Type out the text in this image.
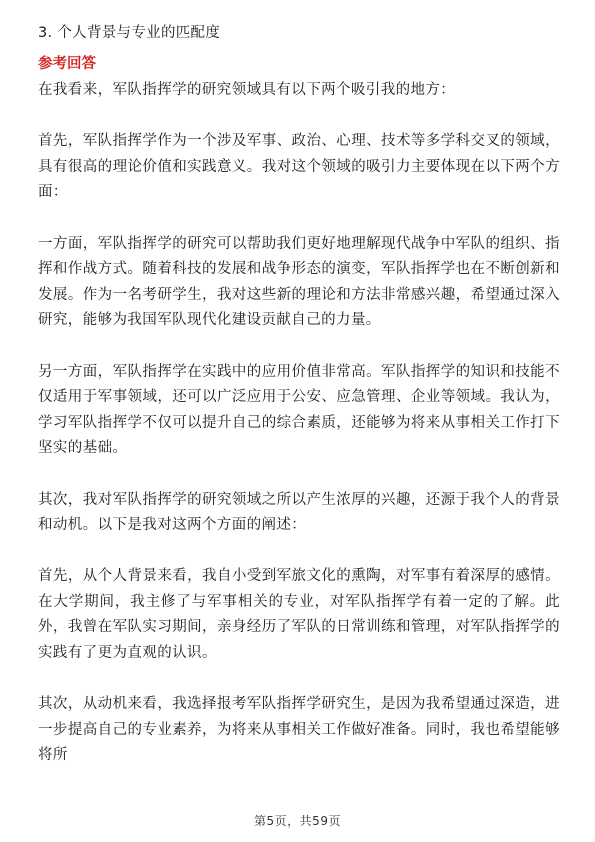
3. 个人背景与专业的匹配度
参考回答
在我看来，军队指挥学的研究领域具有以下两个吸引我的地方：
首先，军队指挥学作为一个涉及军事、政治、心理、技术等多学科交叉的领域，具有很高的理论价值和实践意义。我对这个领域的吸引力主要体现在以下两个方面：
一方面，军队指挥学的研究可以帮助我们更好地理解现代战争中军队的组织、指挥和作战方式。随着科技的发展和战争形态的演变，军队指挥学也在不断创新和发展。作为一名考研学生，我对这些新的理论和方法非常感兴趣，希望通过深入研究，能够为我国军队现代化建设贡献自己的力量。
另一方面，军队指挥学在实践中的应用价值非常高。军队指挥学的知识和技能不仅适用于军事领域，还可以广泛应用于公安、应急管理、企业等领域。我认为，学习军队指挥学不仅可以提升自己的综合素质，还能够为将来从事相关工作打下坚实的基础。
其次，我对军队指挥学的研究领域之所以产生浓厚的兴趣，还源于我个人的背景和动机。以下是我对这两个方面的阐述：
首先，从个人背景来看，我自小受到军旅文化的熏陶，对军事有着深厚的感情。在大学期间，我主修了与军事相关的专业，对军队指挥学有着一定的了解。此外，我曾在军队实习期间，亲身经历了军队的日常训练和管理，对军队指挥学的实践有了更为直观的认识。
其次，从动机来看，我选择报考军队指挥学研究生，是因为我希望通过深造，进一步提高自己的专业素养，为将来从事相关工作做好准备。同时，我也希望能够将所
第5页，共59页
